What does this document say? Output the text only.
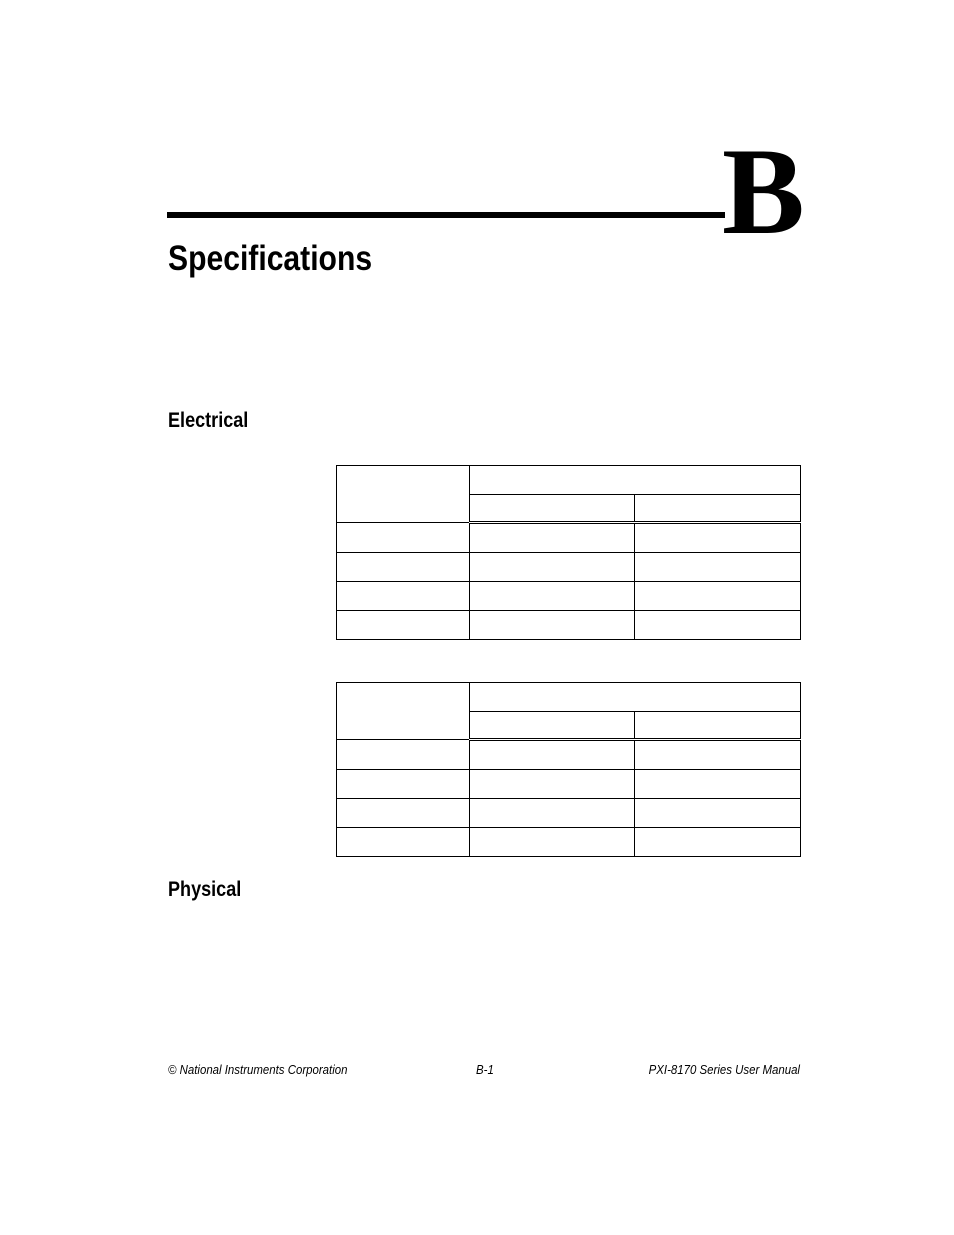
B
Specifications
Electrical

Physical
© National Instruments Corporation	B-1	PXI-8170 Series User Manual
